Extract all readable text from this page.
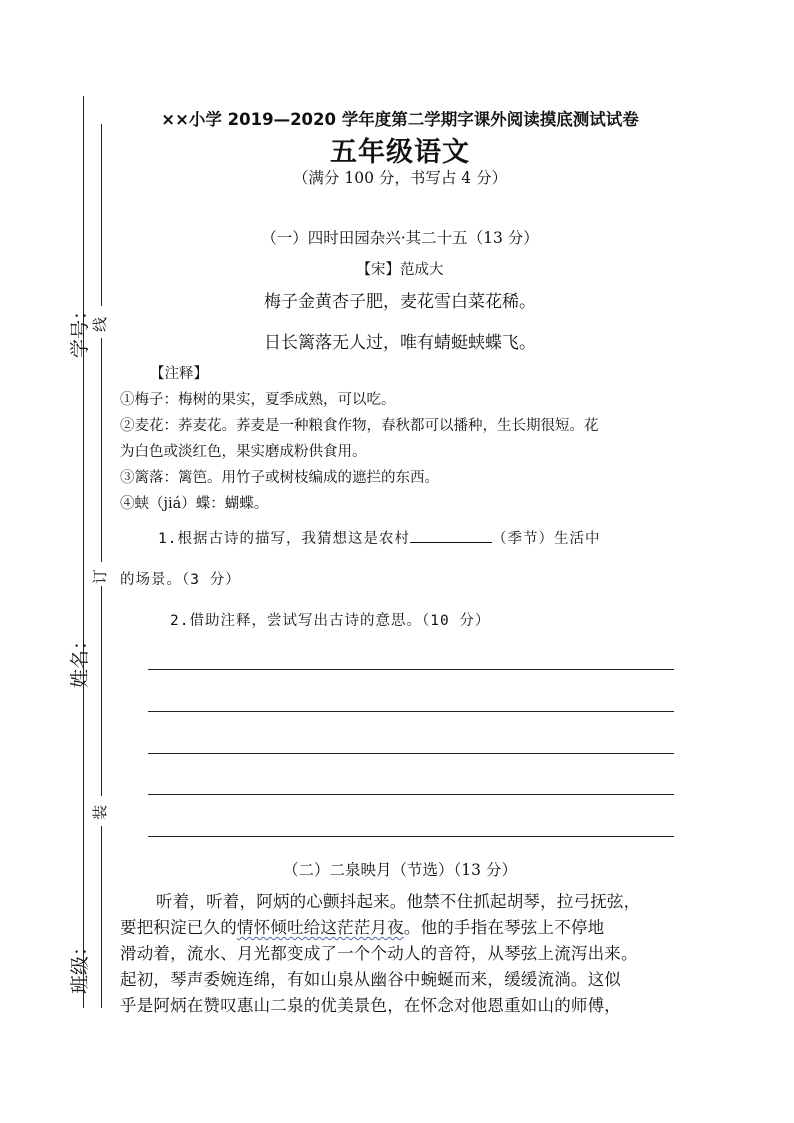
线
订
装
学号：
姓名：
班级：
××小学 2019—2020 学年度第二学期字课外阅读摸底测试试卷
五年级语文
（满分 100 分，书写占 4 分）
（一）四时田园杂兴·其二十五（13 分）
【宋】范成大
梅子金黄杏子肥，麦花雪白菜花稀。
日长篱落无人过，唯有蜻蜓蛱蝶飞。
【注释】
①梅子：梅树的果实，夏季成熟，可以吃。
②麦花：荞麦花。荞麦是一种粮食作物，春秋都可以播种，生长期很短。花
为白色或淡红色，果实磨成粉供食用。
③篱落：篱笆。用竹子或树枝编成的遮拦的东西。
④蛱（jiá）蝶：蝴蝶。
1.根据古诗的描写，我猜想这是农村	（季节）生活中
的场景。（3 分）
2.借助注释，尝试写出古诗的意思。（10 分）
（二）二泉映月（节选）（13 分）
听着，听着，阿炳的心颤抖起来。他禁不住抓起胡琴，拉弓抚弦，
要把积淀已久的情怀倾吐给这茫茫月夜。他的手指在琴弦上不停地
滑动着，流水、月光都变成了一个个动人的音符，从琴弦上流泻出来。
起初，琴声委婉连绵，有如山泉从幽谷中蜿蜒而来，缓缓流淌。这似
乎是阿炳在赞叹惠山二泉的优美景色，在怀念对他恩重如山的师傅，
